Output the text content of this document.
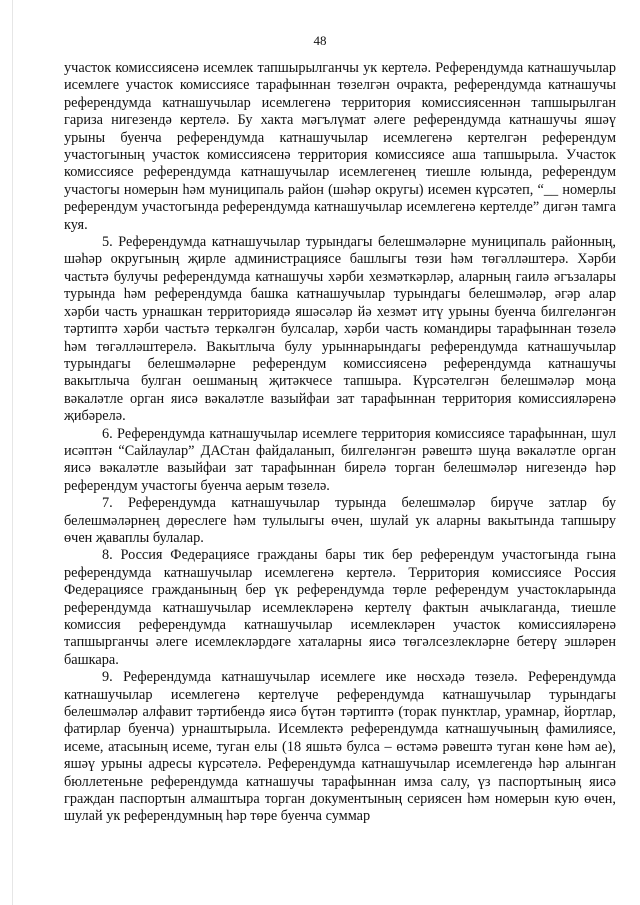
48

участок комиссиясенә исемлек тапшырылганчы ук кертелә. Референдумда катнашучылар исемлеге участок комиссиясе тарафыннан төзелгән очракта, референдумда катнашучы референдумда катнашучылар исемлегенә территория комиссиясеннән тапшырылган гариза нигезендә кертелә. Бу хакта мәгълүмат әлеге референдумда катнашучы яшәү урыны буенча референдумда катнашучылар исемлегенә кертелгән референдум участогының участок комиссиясенә территория комиссиясе аша тапшырыла. Участок комиссиясе референдумда катнашучылар исемлегенең тиешле юлында, референдум участогы номерын һәм муниципаль район (шәһәр округы) исемен күрсәтеп, “__ номерлы референдум участогында референдумда катнашучылар исемлегенә кертелде” дигән тамга куя.

5. Референдумда катнашучылар турындагы белешмәләрне муниципаль районның, шәһәр округының җирле администрациясе башлыгы төзи һәм төгәлләштерә. Хәрби частьтә булучы референдумда катнашучы хәрби хезмәткәрләр, аларның гаилә әгъзалары турында һәм референдумда башка катнашучылар турындагы белешмәләр, әгәр алар хәрби часть урнашкан территориядә яшәсәләр йә хезмәт итү урыны буенча билгеләнгән тәртиптә хәрби частьтә теркәлгән булсалар, хәрби часть командиры тарафыннан төзелә һәм төгәлләштерелә. Вакытлыча булу урыннарындагы референдумда катнашучылар турындагы белешмәләрне референдум комиссиясенә референдумда катнашучы вакытлыча булган оешманың җитәкчесе тапшыра. Күрсәтелгән белешмәләр моңа вәкаләтле орган яисә вәкаләтле вазыйфаи зат тарафыннан территория комиссияләренә җибәрелә.

6. Референдумда катнашучылар исемлеге территория комиссиясе тарафыннан, шул исәптән “Сайлаулар” ДАСтан файдаланып, билгеләнгән рәвештә шуңа вәкаләтле орган яисә вәкаләтле вазыйфаи зат тарафыннан бирелә торган белешмәләр нигезендә һәр референдум участогы буенча аерым төзелә.

7. Референдумда катнашучылар турында белешмәләр бирүче затлар бу белешмәләрнең дөреслеге һәм тулылыгы өчен, шулай ук аларны вакытында тапшыру өчен җаваплы булалар.

8. Россия Федерациясе гражданы бары тик бер референдум участогында гына референдумда катнашучылар исемлегенә кертелә. Территория комиссиясе Россия Федерациясе гражданының бер үк референдумда төрле референдум участокларында референдумда катнашучылар исемлекләренә кертелү фактын ачыклаганда, тиешле комиссия референдумда катнашучылар исемлекләрен участок комиссияләренә тапшырганчы әлеге исемлекләрдәге хаталарны яисә төгәлсезлекләрне бетерү эшләрен башкара.

9. Референдумда катнашучылар исемлеге ике нөсхәдә төзелә. Референдумда катнашучылар исемлегенә кертелүче референдумда катнашучылар турындагы белешмәләр алфавит тәртибендә яисә бүтән тәртиптә (торак пунктлар, урамнар, йортлар, фатирлар буенча) урнаштырыла. Исемлектә референдумда катнашучының фамилиясе, исеме, атасының исеме, туган елы (18 яшьтә булса – өстәмә рәвештә туган көне һәм ае), яшәү урыны адресы күрсәтелә. Референдумда катнашучылар исемлегендә һәр алынган бюллетеньне референдумда катнашучы тарафыннан имза салу, үз паспортының яисә граждан паспортын алмаштыра торган документының сериясен һәм номерын кую өчен, шулай ук референдумның һәр төре буенча суммар
